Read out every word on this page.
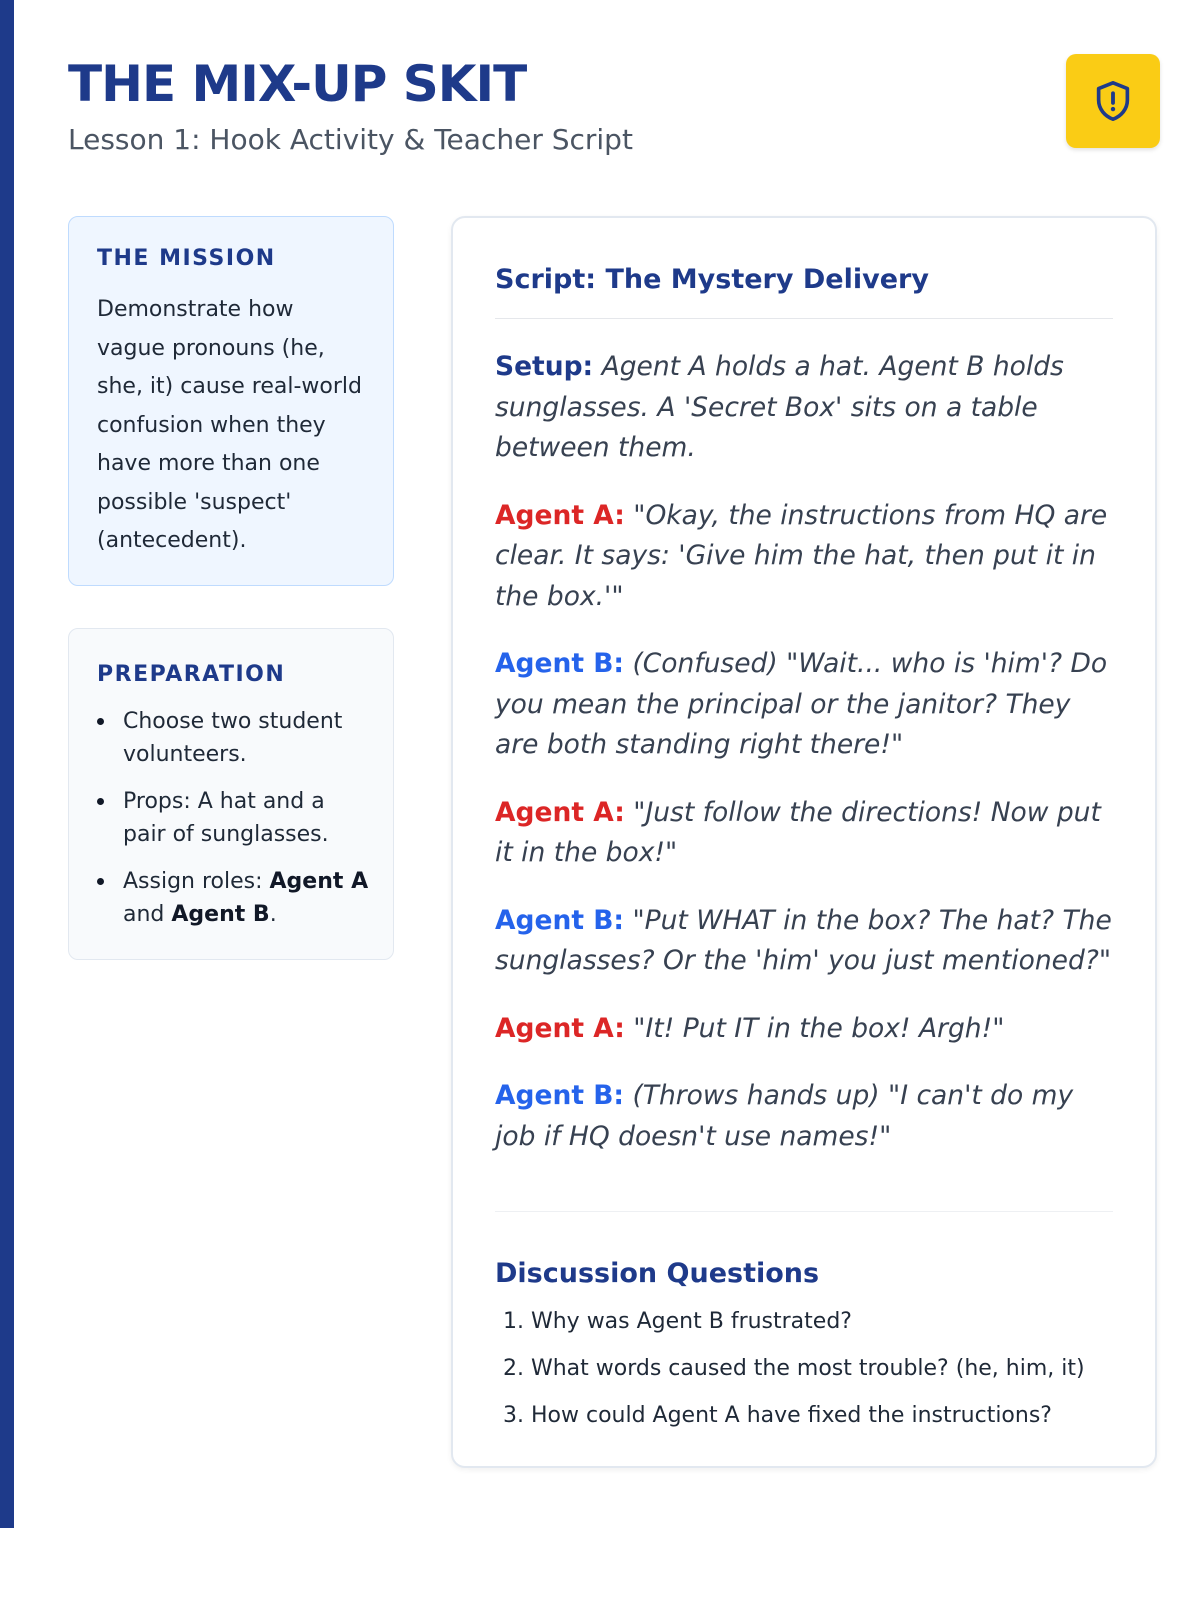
THE MIX-UP SKIT

Lesson 1: Hook Activity & Teacher Script

THE MISSION

Demonstrate how vague pronouns (he, she, it) cause real-world confusion when they have more than one possible 'suspect' (antecedent).

PREPARATION
Choose two student volunteers.
Props: A hat and a pair of sunglasses.
Assign roles: Agent A and Agent B.
Script: The Mystery Delivery

Setup: Agent A holds a hat. Agent B holds sunglasses. A 'Secret Box' sits on a table between them.

Agent A: "Okay, the instructions from HQ are clear. It says: 'Give him the hat, then put it in the box.'"

Agent B: (Confused) "Wait... who is 'him'? Do you mean the principal or the janitor? They are both standing right there!"

Agent A: "Just follow the directions! Now put it in the box!"

Agent B: "Put WHAT in the box? The hat? The sunglasses? Or the 'him' you just mentioned?"

Agent A: "It! Put IT in the box! Argh!"

Agent B: (Throws hands up) "I can't do my job if HQ doesn't use names!"

Discussion Questions
1. Why was Agent B frustrated?
2. What words caused the most trouble? (he, him, it)
3. How could Agent A have fixed the instructions?
